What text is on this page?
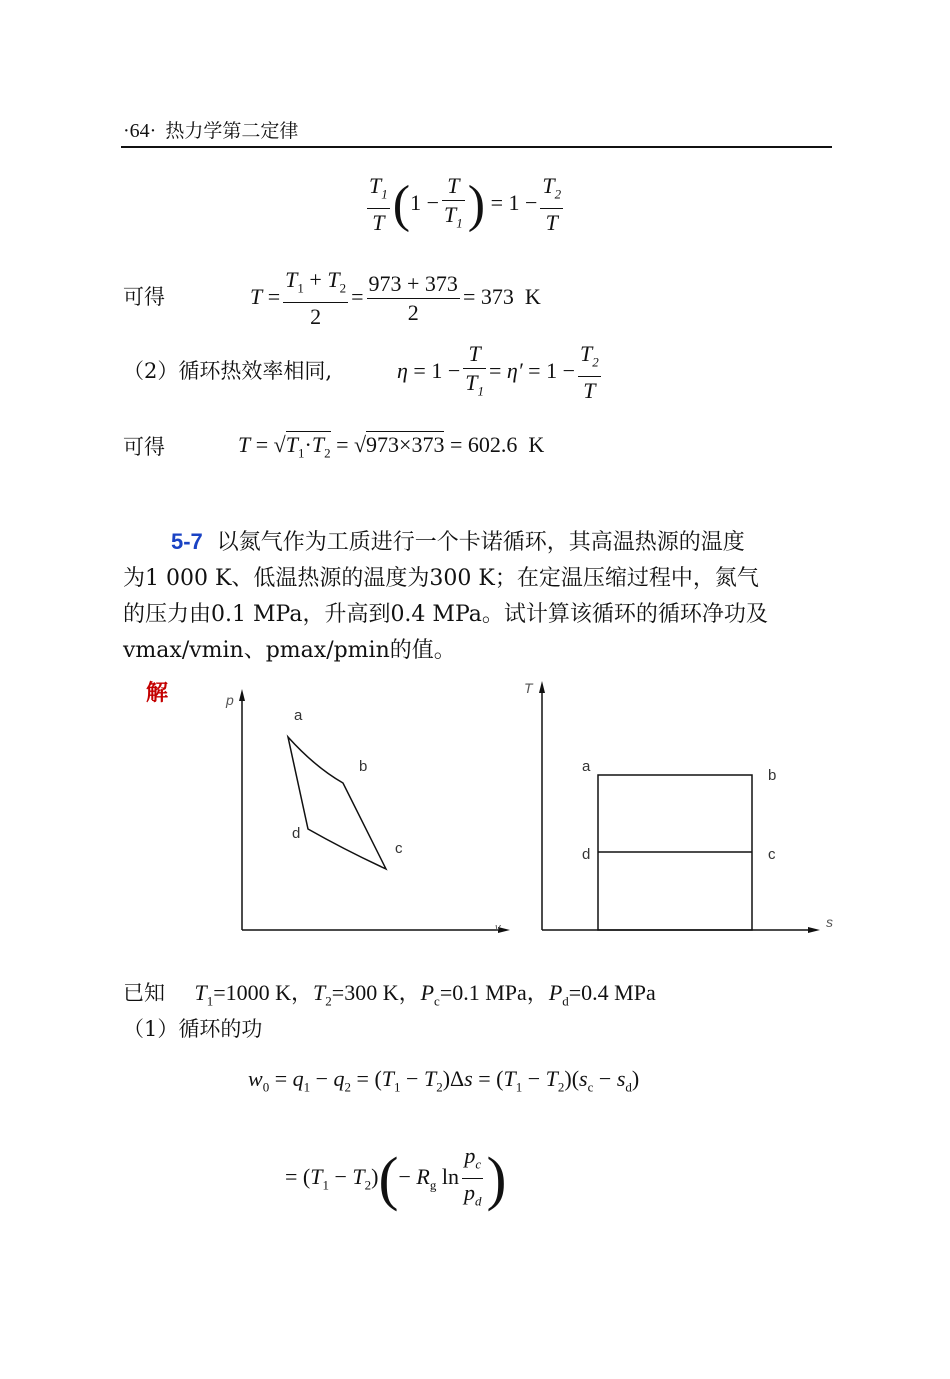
·64· 热力学第二定律
$\frac{T_1}{T} (1 - \frac{T}{T_1}$ ) = $1 - \frac{T_2}{T}$
可得	$T = \frac{T_1 + T_2}{2} = \frac{973 + 373}{2} = 373$  K
（2）循环热效率相同,	$\eta = 1 - \frac{T}{T_1} = \eta' = 1 - \frac{T_2}{T}$
可得	$T = √T_1\cdot T_2 = √973\times 373 = 602.6$  K
5-7 以氮气作为工质进行一个卡诺循环，其高温热源的温度
为1 000 K、低温热源的温度为300 K；在定温压缩过程中，氮气
的压力由0.1 MPa，升高到0.4 MPa。试计算该循环的循环净功及
vmax/vmin、pmax/pmin的值。
解	p
v
a
b
c
d
T
s
a
b
c
d
已知 $T_1=1000$ K，$T_2=300$ K，$P_c=0.1$ MPa，$P_d=0.4$ MPa
（1）循环的功
$w_0 = q_1 - q_2 = (T_1 - T_2)\Delta s = (T_1 - T_2)(s_c - s_d)$
= $(T_1 - T_2)(- R_g$ $\ln \frac{p_c}{p_d}$ )
